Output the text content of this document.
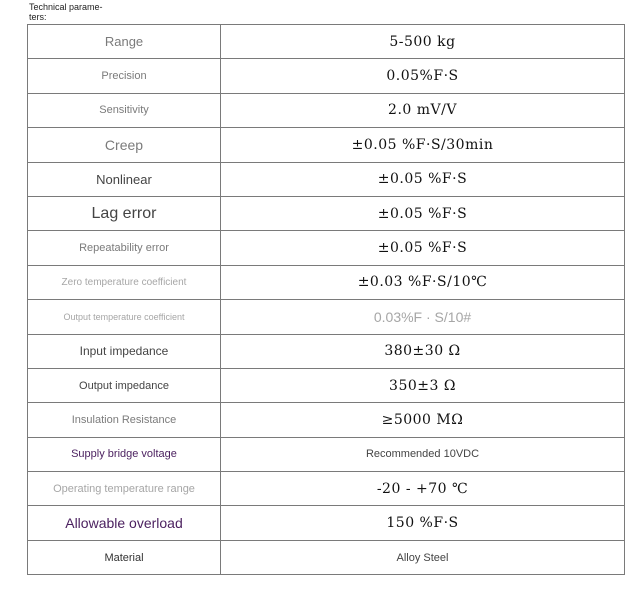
Technical parame-
ters:
Range	5-500 kg
Precision	0.05%F·S
Sensitivity	2.0 mV/V
Creep	±0.05 %F·S/30min
Nonlinear	±0.05 %F·S
Lag error	±0.05 %F·S
Repeatability error	±0.05 %F·S
Zero temperature coefficient	±0.03 %F·S/10℃
Output temperature coefficient	0.03%F · S/10#
Input impedance	380±30 Ω
Output impedance	350±3 Ω
Insulation Resistance	≥5000 MΩ
Supply bridge voltage	Recommended 10VDC
Operating temperature range	-20 - +70 ℃
Allowable overload	150 %F·S
Material	Alloy Steel
